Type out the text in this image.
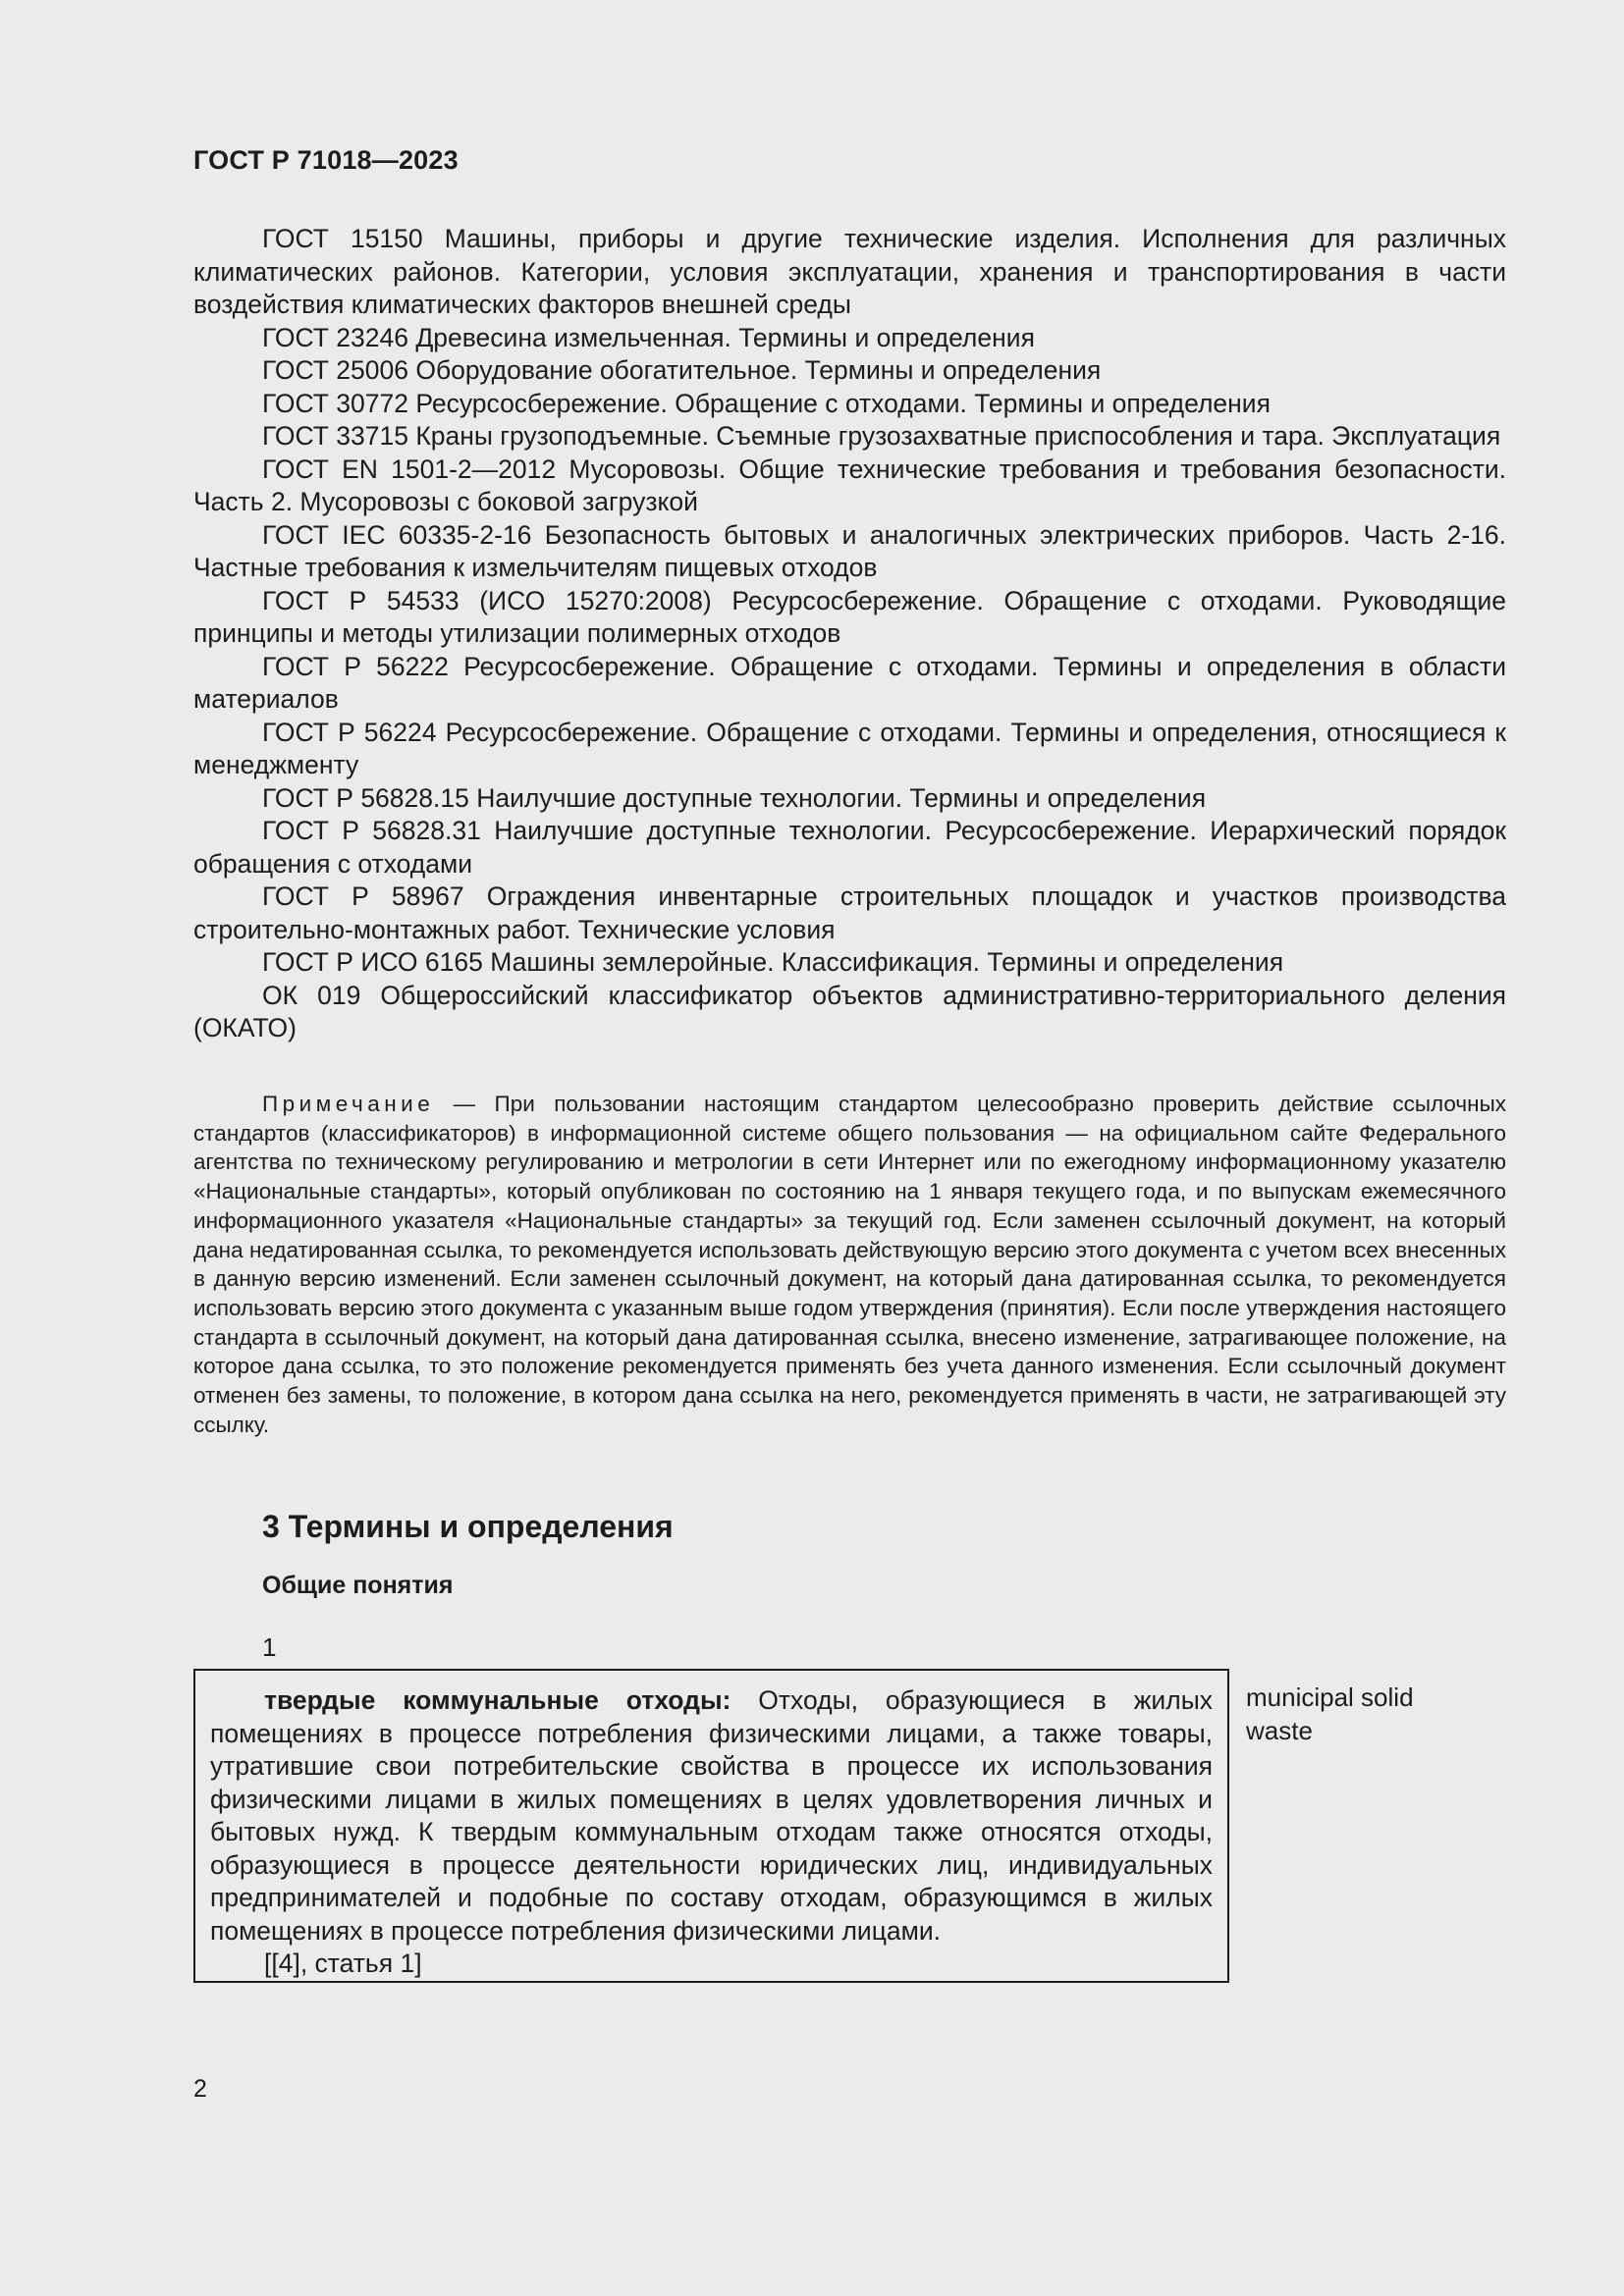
ГОСТ Р 71018—2023

ГОСТ 15150 Машины, приборы и другие технические изделия. Исполнения для различных климатических районов. Категории, условия эксплуатации, хранения и транспортирования в части воздействия климатических факторов внешней среды

ГОСТ 23246 Древесина измельченная. Термины и определения

ГОСТ 25006 Оборудование обогатительное. Термины и определения

ГОСТ 30772 Ресурсосбережение. Обращение с отходами. Термины и определения

ГОСТ 33715 Краны грузоподъемные. Съемные грузозахватные приспособления и тара. Эксплуатация

ГОСТ EN 1501-2—2012 Мусоровозы. Общие технические требования и требования безопасности. Часть 2. Мусоровозы с боковой загрузкой

ГОСТ IEC 60335-2-16 Безопасность бытовых и аналогичных электрических приборов. Часть 2-16. Частные требования к измельчителям пищевых отходов

ГОСТ Р 54533 (ИСО 15270:2008) Ресурсосбережение. Обращение с отходами. Руководящие принципы и методы утилизации полимерных отходов

ГОСТ Р 56222 Ресурсосбережение. Обращение с отходами. Термины и определения в области материалов

ГОСТ Р 56224 Ресурсосбережение. Обращение с отходами. Термины и определения, относящиеся к менеджменту

ГОСТ Р 56828.15 Наилучшие доступные технологии. Термины и определения

ГОСТ Р 56828.31 Наилучшие доступные технологии. Ресурсосбережение. Иерархический порядок обращения с отходами

ГОСТ Р 58967 Ограждения инвентарные строительных площадок и участков производства строительно-монтажных работ. Технические условия

ГОСТ Р ИСО 6165 Машины землеройные. Классификация. Термины и определения

ОК 019 Общероссийский классификатор объектов административно-территориального деления (ОКАТО)

Примечание — При пользовании настоящим стандартом целесообразно проверить действие ссылочных стандартов (классификаторов) в информационной системе общего пользования — на официальном сайте Федерального агентства по техническому регулированию и метрологии в сети Интернет или по ежегодному информационному указателю «Национальные стандарты», который опубликован по состоянию на 1 января текущего года, и по выпускам ежемесячного информационного указателя «Национальные стандарты» за текущий год. Если заменен ссылочный документ, на который дана недатированная ссылка, то рекомендуется использовать действующую версию этого документа с учетом всех внесенных в данную версию изменений. Если заменен ссылочный документ, на который дана датированная ссылка, то рекомендуется использовать версию этого документа с указанным выше годом утверждения (принятия). Если после утверждения настоящего стандарта в ссылочный документ, на который дана датированная ссылка, внесено изменение, затрагивающее положение, на которое дана ссылка, то это положение рекомендуется применять без учета данного изменения. Если ссылочный документ отменен без замены, то положение, в котором дана ссылка на него, рекомендуется применять в части, не затрагивающей эту ссылку.
3 Термины и определения
Общие понятия
1

твердые коммунальные отходы: Отходы, образующиеся в жилых помещениях в процессе потребления физическими лицами, а также товары, утратившие свои потребительские свойства в процессе их использования физическими лицами в жилых помещениях в целях удовлетворения личных и бытовых нужд. К твердым коммунальным отходам также относятся отходы, образующиеся в процессе деятельности юридических лиц, индивидуальных предпринимателей и подобные по составу отходам, образующимся в жилых помещениях в процессе потребления физическими лицами.

[[4], статья 1]

municipal solid waste
2
